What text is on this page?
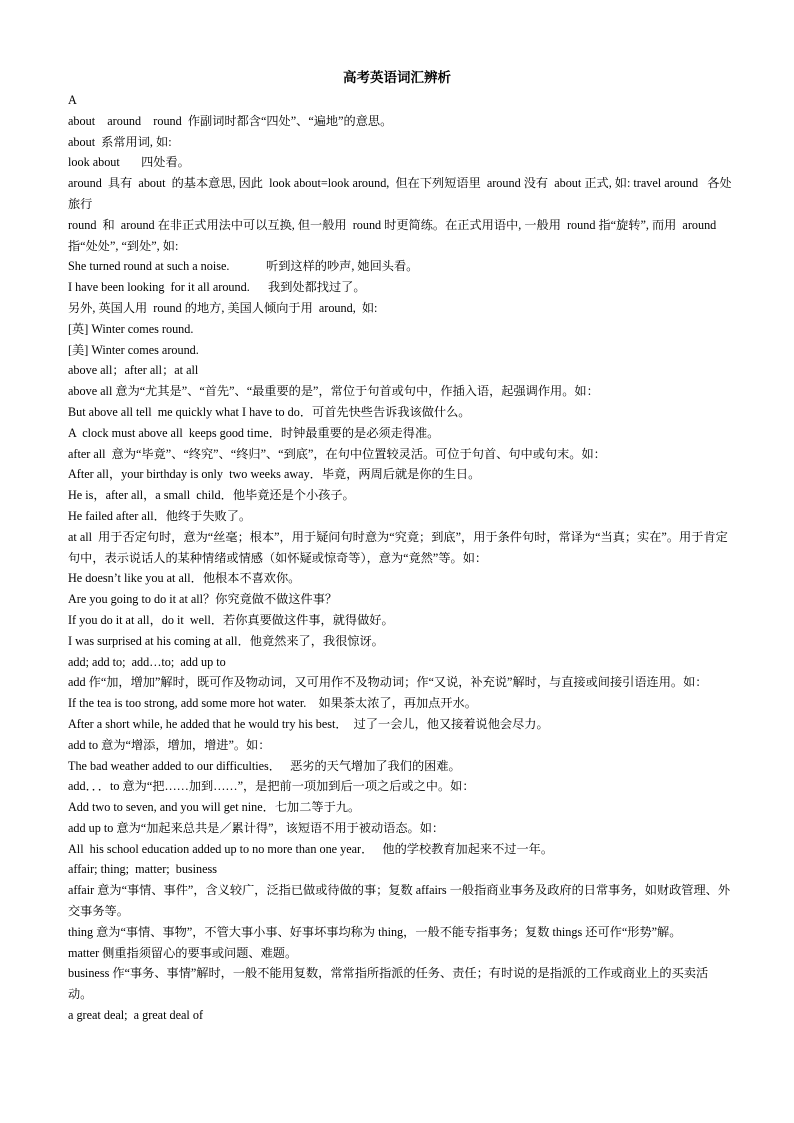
高考英语词汇辨析
A
about    around    round  作副词时都含“四处”、“遍地”的意思。
about  系常用词, 如:
look about       四处看。
around  具有  about  的基本意思, 因此  look about=look around,  但在下列短语里  around 没有  about 正式, 如: travel around   各处旅行
round  和  around 在非正式用法中可以互换, 但一般用  round 时更简练。在正式用语中, 一般用  round 指“旋转”, 而用  around 指“处处”, “到处”, 如:
She turned round at such a noise.            听到这样的吵声, 她回头看。
I have been looking  for it all around.      我到处都找过了。
另外, 英国人用  round 的地方, 美国人倾向于用  around,  如:
[英] Winter comes round.
[美] Winter comes around.
above all；after all；at all
above all 意为“尤其是”、“首先”、“最重要的是”，常位于句首或句中，作插入语，起强调作用。如：
But above all tell  me quickly what I have to do．可首先快些告诉我该做什么。
A  clock must above all  keeps good time．时钟最重要的是必须走得准。
after all  意为“毕竟”、“终究”、“终归”、“到底”，在句中位置较灵活。可位于句首、句中或句末。如：
After all，your birthday is only  two weeks away．毕竟，两周后就是你的生日。
He is，after all，a small  child．他毕竟还是个小孩子。
He failed after all．他终于失败了。
at all  用于否定句时，意为“丝毫；根本”，用于疑问句时意为“究竟；到底”，用于条件句时，常译为“当真；实在”。用于肯定句中，表示说话人的某种情绪或情感（如怀疑或惊奇等），意为“竟然”等。如：
He doesn’t like you at all．他根本不喜欢你。
Are you going to do it at all？你究竟做不做这件事？
If you do it at all，do it  well．若你真要做这件事，就得做好。
I was surprised at his coming at all．他竟然来了，我很惊讶。
add; add to;  add…to;  add up to
add 作“加，增加”解时，既可作及物动词，又可用作不及物动词；作“又说，补充说”解时，与直接或间接引语连用。如：
If the tea is too strong, add some more hot water.    如果茶太浓了，再加点开水。
After a short while, he added that he would try his best．  过了一会儿，他又接着说他会尽力。
add to 意为“增添，增加，增进”。如：
The bad weather added to our difficulties．   恶劣的天气增加了我们的困难。
add．．．to 意为“把……加到……”，是把前一项加到后一项之后或之中。如：
Add two to seven, and you will get nine．七加二等于九。
add up to 意为“加起来总共是／累计得”，该短语不用于被动语态。如：
All  his school education added up to no more than one year．   他的学校教育加起来不过一年。
affair; thing;  matter;  business
affair 意为“事情、事件”，含义较广，泛指已做或待做的事；复数 affairs 一般指商业事务及政府的日常事务，如财政管理、外交事务等。
thing 意为“事情、事物”，不管大事小事、好事坏事均称为 thing，一般不能专指事务；复数 things 还可作“形势”解。
matter 侧重指须留心的要事或问题、难题。
business 作“事务、事情”解时，一般不能用复数，常常指所指派的任务、责任；有时说的是指派的工作或商业上的买卖活动。
a great deal;  a great deal of
